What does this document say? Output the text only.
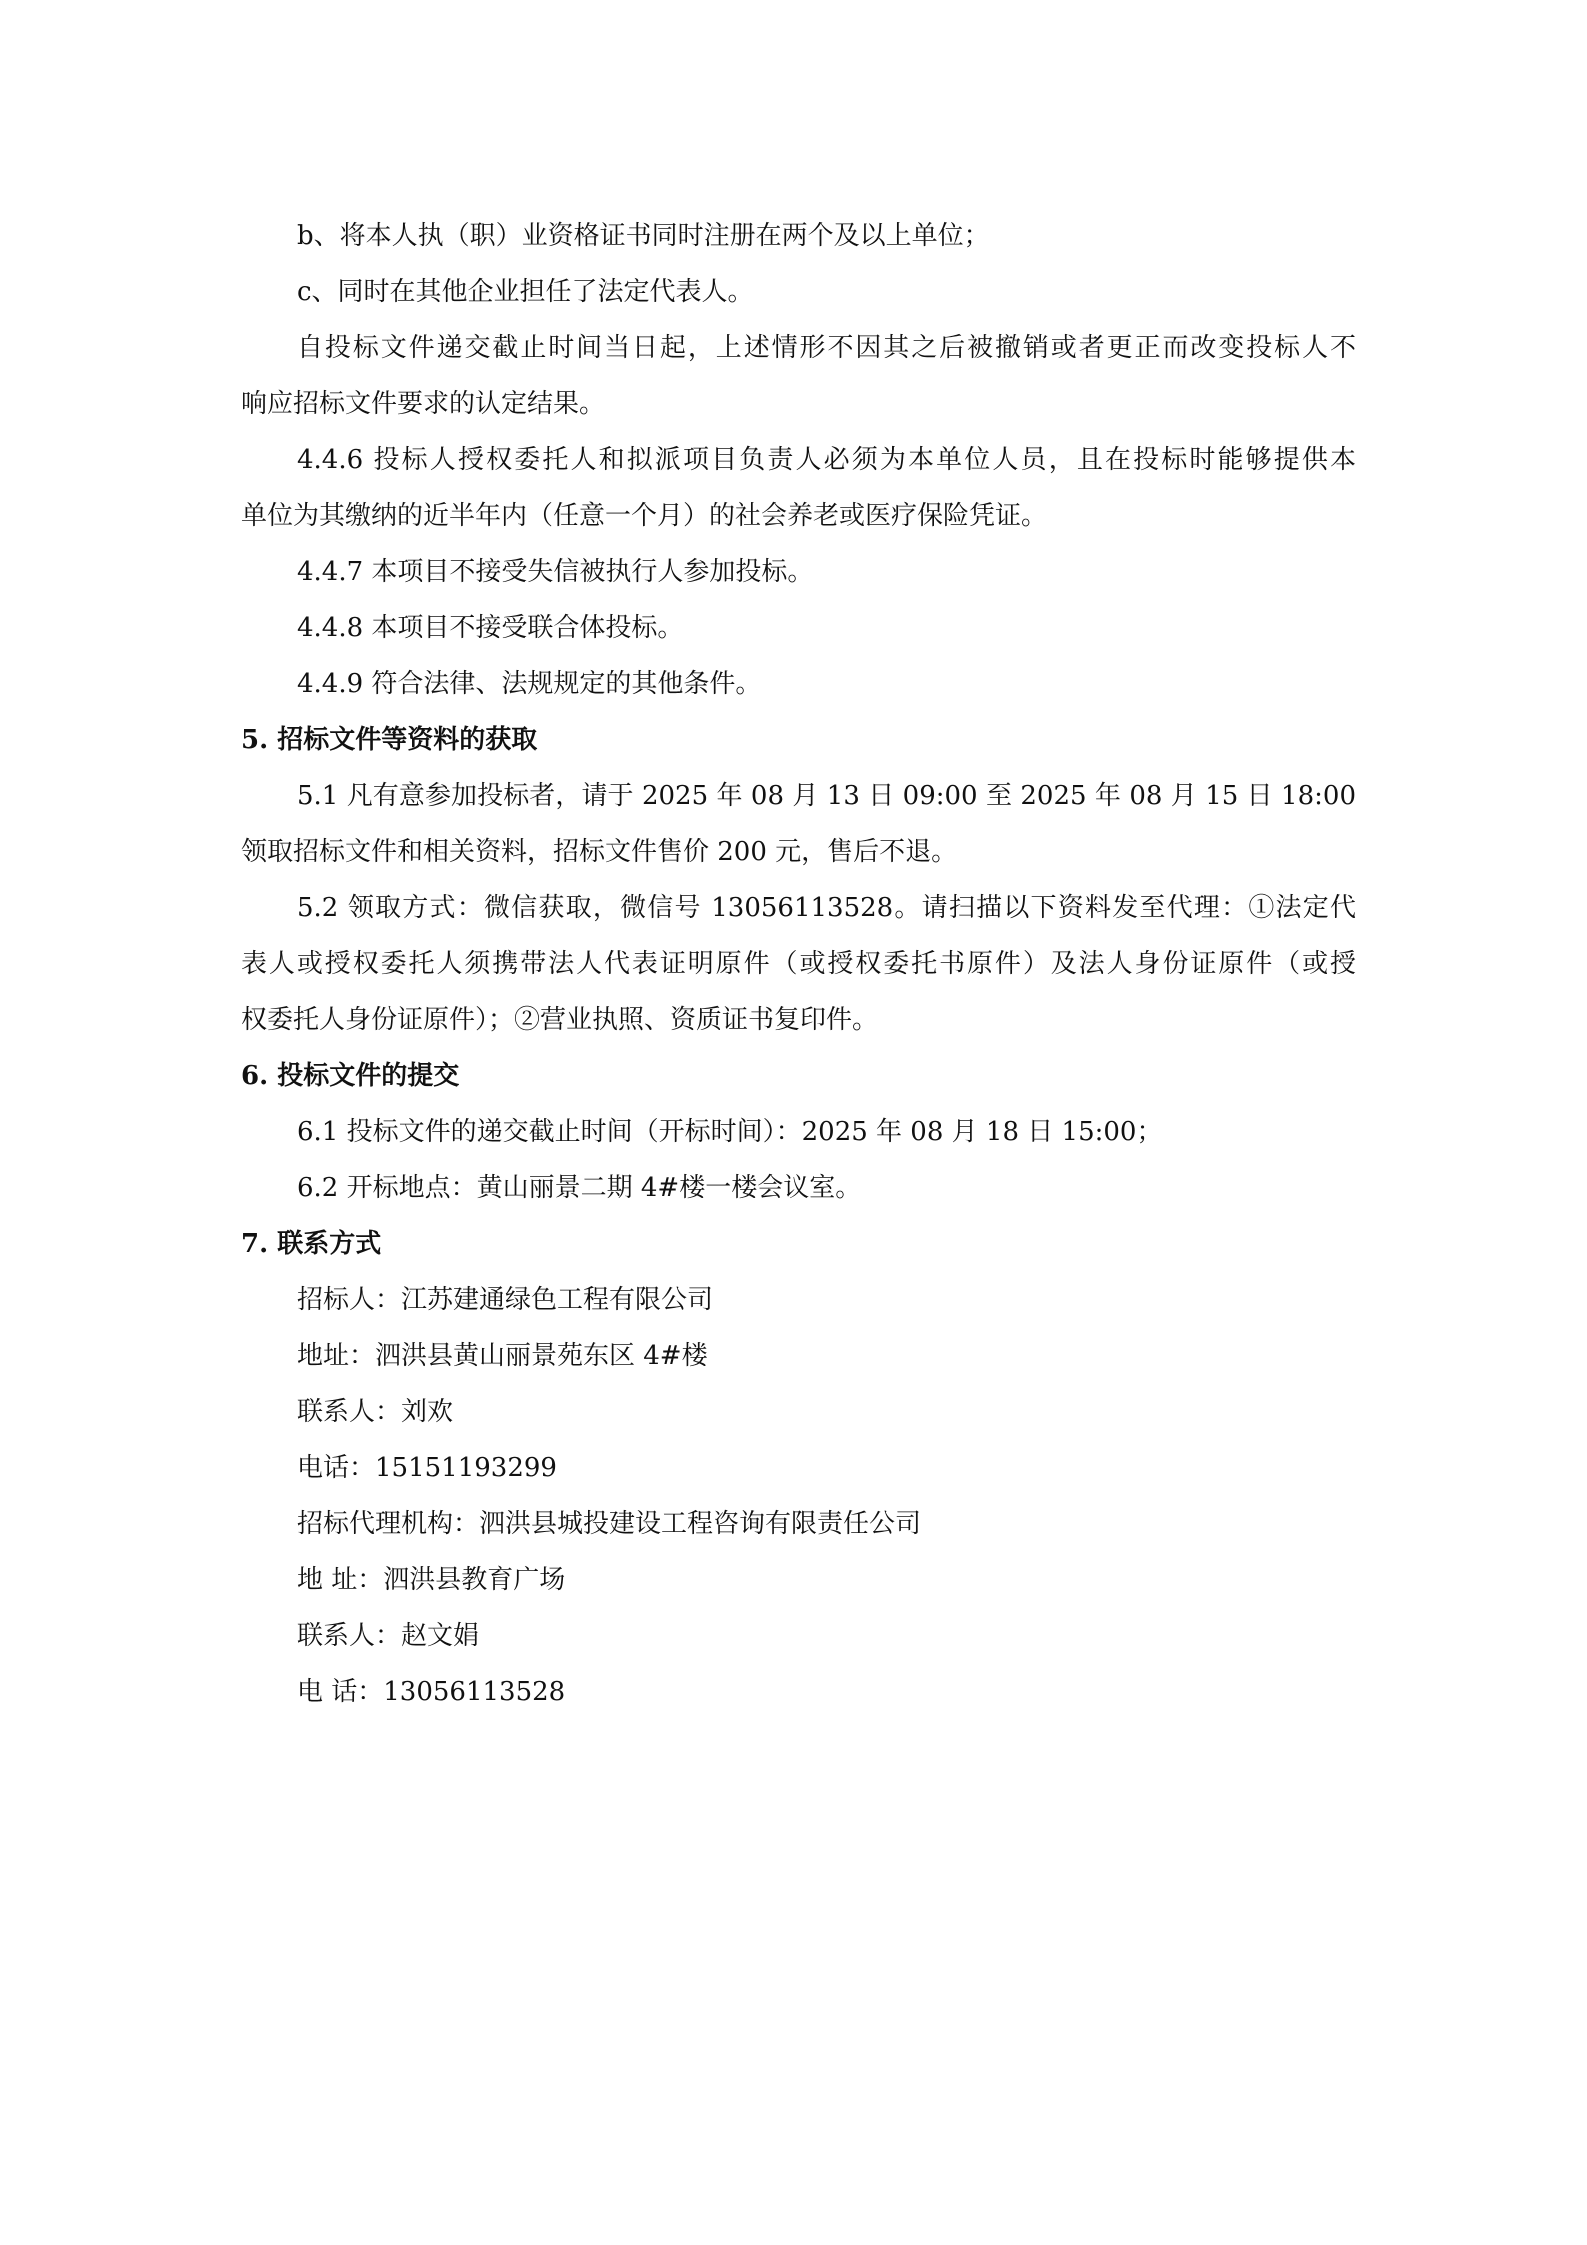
b、将本人执（职）业资格证书同时注册在两个及以上单位；
c、同时在其他企业担任了法定代表人。
自投标文件递交截止时间当日起，上述情形不因其之后被撤销或者更正而改变投标人不
响应招标文件要求的认定结果。
4.4.6 投标人授权委托人和拟派项目负责人必须为本单位人员，且在投标时能够提供本
单位为其缴纳的近半年内（任意一个月）的社会养老或医疗保险凭证。
4.4.7 本项目不接受失信被执行人参加投标。
4.4.8 本项目不接受联合体投标。
4.4.9 符合法律、法规规定的其他条件。
5. 招标文件等资料的获取
5.1 凡有意参加投标者，请于 2025 年 08 月 13 日 09:00 至 2025 年 08 月 15 日 18:00
领取招标文件和相关资料，招标文件售价 200 元，售后不退。
5.2 领取方式：微信获取，微信号 13056113528。请扫描以下资料发至代理：①法定代
表人或授权委托人须携带法人代表证明原件（或授权委托书原件）及法人身份证原件（或授
权委托人身份证原件）；②营业执照、资质证书复印件。
6. 投标文件的提交
6.1 投标文件的递交截止时间（开标时间）：2025 年 08 月 18 日 15:00；
6.2 开标地点：黄山丽景二期 4#楼一楼会议室。
7. 联系方式
招标人：江苏建通绿色工程有限公司
地址：泗洪县黄山丽景苑东区 4#楼
联系人：刘欢
电话：15151193299
招标代理机构：泗洪县城投建设工程咨询有限责任公司
地 址：泗洪县教育广场
联系人：赵文娟
电 话：13056113528
